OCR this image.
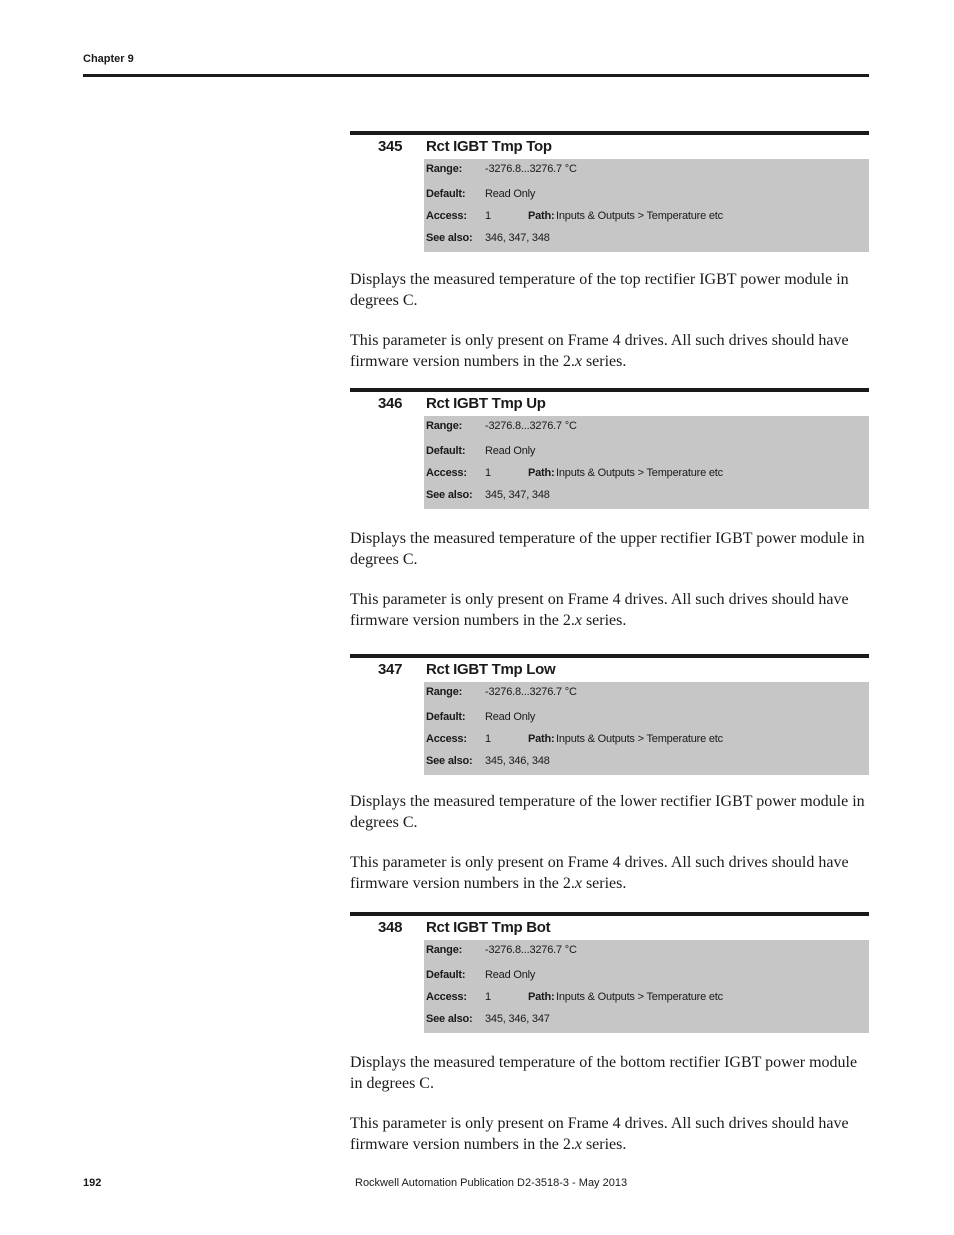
Chapter 9
345 Rct IGBT Tmp Top
Range: -3276.8...3276.7 °C
Default: Read Only
Access: 1	Path: Inputs & Outputs > Temperature etc
See also: 346, 347, 348

Displays the measured temperature of the top rectifier IGBT power module in degrees C.

This parameter is only present on Frame 4 drives. All such drives should have firmware version numbers in the 2.x series.

346 Rct IGBT Tmp Up
Range: -3276.8...3276.7 °C
Default: Read Only
Access: 1	Path: Inputs & Outputs > Temperature etc
See also: 345, 347, 348

Displays the measured temperature of the upper rectifier IGBT power module in degrees C.

This parameter is only present on Frame 4 drives. All such drives should have firmware version numbers in the 2.x series.

347 Rct IGBT Tmp Low
Range: -3276.8...3276.7 °C
Default: Read Only
Access: 1	Path: Inputs & Outputs > Temperature etc
See also: 345, 346, 348

Displays the measured temperature of the lower rectifier IGBT power module in degrees C.

This parameter is only present on Frame 4 drives. All such drives should have firmware version numbers in the 2.x series.

348 Rct IGBT Tmp Bot
Range: -3276.8...3276.7 °C
Default: Read Only
Access: 1	Path: Inputs & Outputs > Temperature etc
See also: 345, 346, 347

Displays the measured temperature of the bottom rectifier IGBT power module in degrees C.

This parameter is only present on Frame 4 drives. All such drives should have firmware version numbers in the 2.x series.

192	Rockwell Automation Publication D2-3518-3 - May 2013
